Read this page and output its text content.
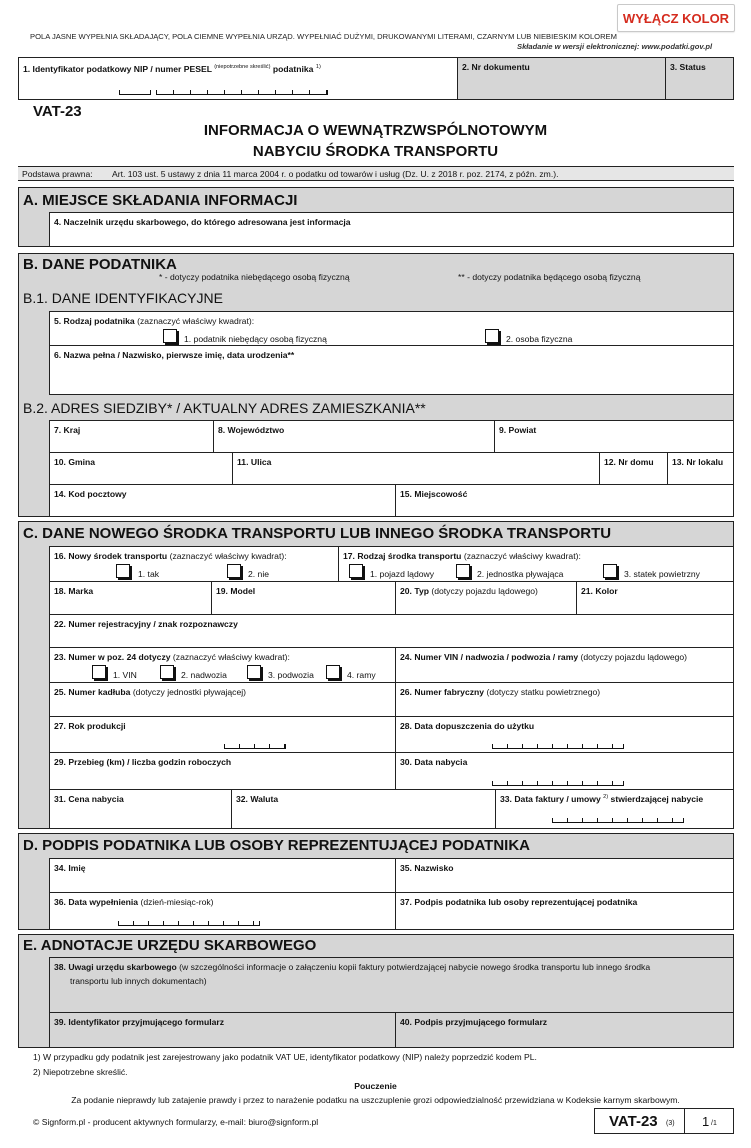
WYŁĄCZ KOLOR
POLA JASNE WYPEŁNIA SKŁADAJĄCY, POLA CIEMNE WYPEŁNIA URZĄD. WYPEŁNIAĆ DUŻYMI, DRUKOWANYMI LITERAMI, CZARNYM LUB NIEBIESKIM KOLOREM
Składanie w wersji elektronicznej: www.podatki.gov.pl
1. Identyfikator podatkowy NIP / numer PESEL $^{(niepotrzebne skreślić)}$ podatnika $^{1)}$	2. Nr dokumentu	3. Status
VAT-23
INFORMACJA O WEWNĄTRZWSPÓLNOTOWYM
NABYCIU ŚRODKA TRANSPORTU
Podstawa prawna: Art. 103 ust. 5 ustawy z dnia 11 marca 2004 r. o podatku od towarów i usług (Dz. U. z 2018 r. poz. 2174, z późn. zm.).
A. MIEJSCE SKŁADANIA INFORMACJI
4. Naczelnik urzędu skarbowego, do którego adresowana jest informacja
B. DANE PODATNIKA
* - dotyczy podatnika niebędącego osobą fizyczną	** - dotyczy podatnika będącego osobą fizyczną
B.1. DANE IDENTYFIKACYJNE
5. Rodzaj podatnika (zaznaczyć właściwy kwadrat):
1. podatnik niebędący osobą fizyczną	2. osoba fizyczna
6. Nazwa pełna / Nazwisko, pierwsze imię, data urodzenia**
B.2. ADRES SIEDZIBY* / AKTUALNY ADRES ZAMIESZKANIA**
7. Kraj	8. Województwo	9. Powiat
10. Gmina	11. Ulica	12. Nr domu 13. Nr lokalu
14. Kod pocztowy	15. Miejscowość
C. DANE NOWEGO ŚRODKA TRANSPORTU LUB INNEGO ŚRODKA TRANSPORTU
16. Nowy środek transportu (zaznaczyć właściwy kwadrat):
1. tak	2. nie
17. Rodzaj środka transportu (zaznaczyć właściwy kwadrat):
1. pojazd lądowy	2. jednostka pływająca	3. statek powietrzny
18. Marka	19. Model	20. Typ (dotyczy pojazdu lądowego)	21. Kolor
22. Numer rejestracyjny / znak rozpoznawczy
23. Numer w poz. 24 dotyczy (zaznaczyć właściwy kwadrat):
1. VIN	2. nadwozia	3. podwozia	4. ramy
24. Numer VIN / nadwozia / podwozia / ramy (dotyczy pojazdu lądowego)
25. Numer kadłuba (dotyczy jednostki pływającej)	26. Numer fabryczny (dotyczy statku powietrznego)
27. Rok produkcji	28. Data dopuszczenia do użytku
29. Przebieg (km) / liczba godzin roboczych	30. Data nabycia
31. Cena nabycia	32. Waluta	33. Data faktury / umowy $^{2)}$ stwierdzającej nabycie
D. PODPIS PODATNIKA LUB OSOBY REPREZENTUJĄCEJ PODATNIKA
34. Imię	35. Nazwisko
36. Data wypełnienia (dzień-miesiąc-rok)	37. Podpis podatnika lub osoby reprezentującej podatnika
E. ADNOTACJE URZĘDU SKARBOWEGO
38. Uwagi urzędu skarbowego (w szczególności informacje o załączeniu kopii faktury potwierdzającej nabycie nowego środka transportu lub innego środka
transportu lub innych dokumentach)
39. Identyfikator przyjmującego formularz	40. Podpis przyjmującego formularz
1) W przypadku gdy podatnik jest zarejestrowany jako podatnik VAT UE, identyfikator podatkowy (NIP) należy poprzedzić kodem PL.
2) Niepotrzebne skreślić.
Pouczenie
Za podanie nieprawdy lub zatajenie prawdy i przez to narażenie podatku na uszczuplenie grozi odpowiedzialność przewidziana w Kodeksie karnym skarbowym.
© Signform.pl - producent aktywnych formularzy, e-mail: biuro@signform.pl	VAT-23 (3) 1 /1
